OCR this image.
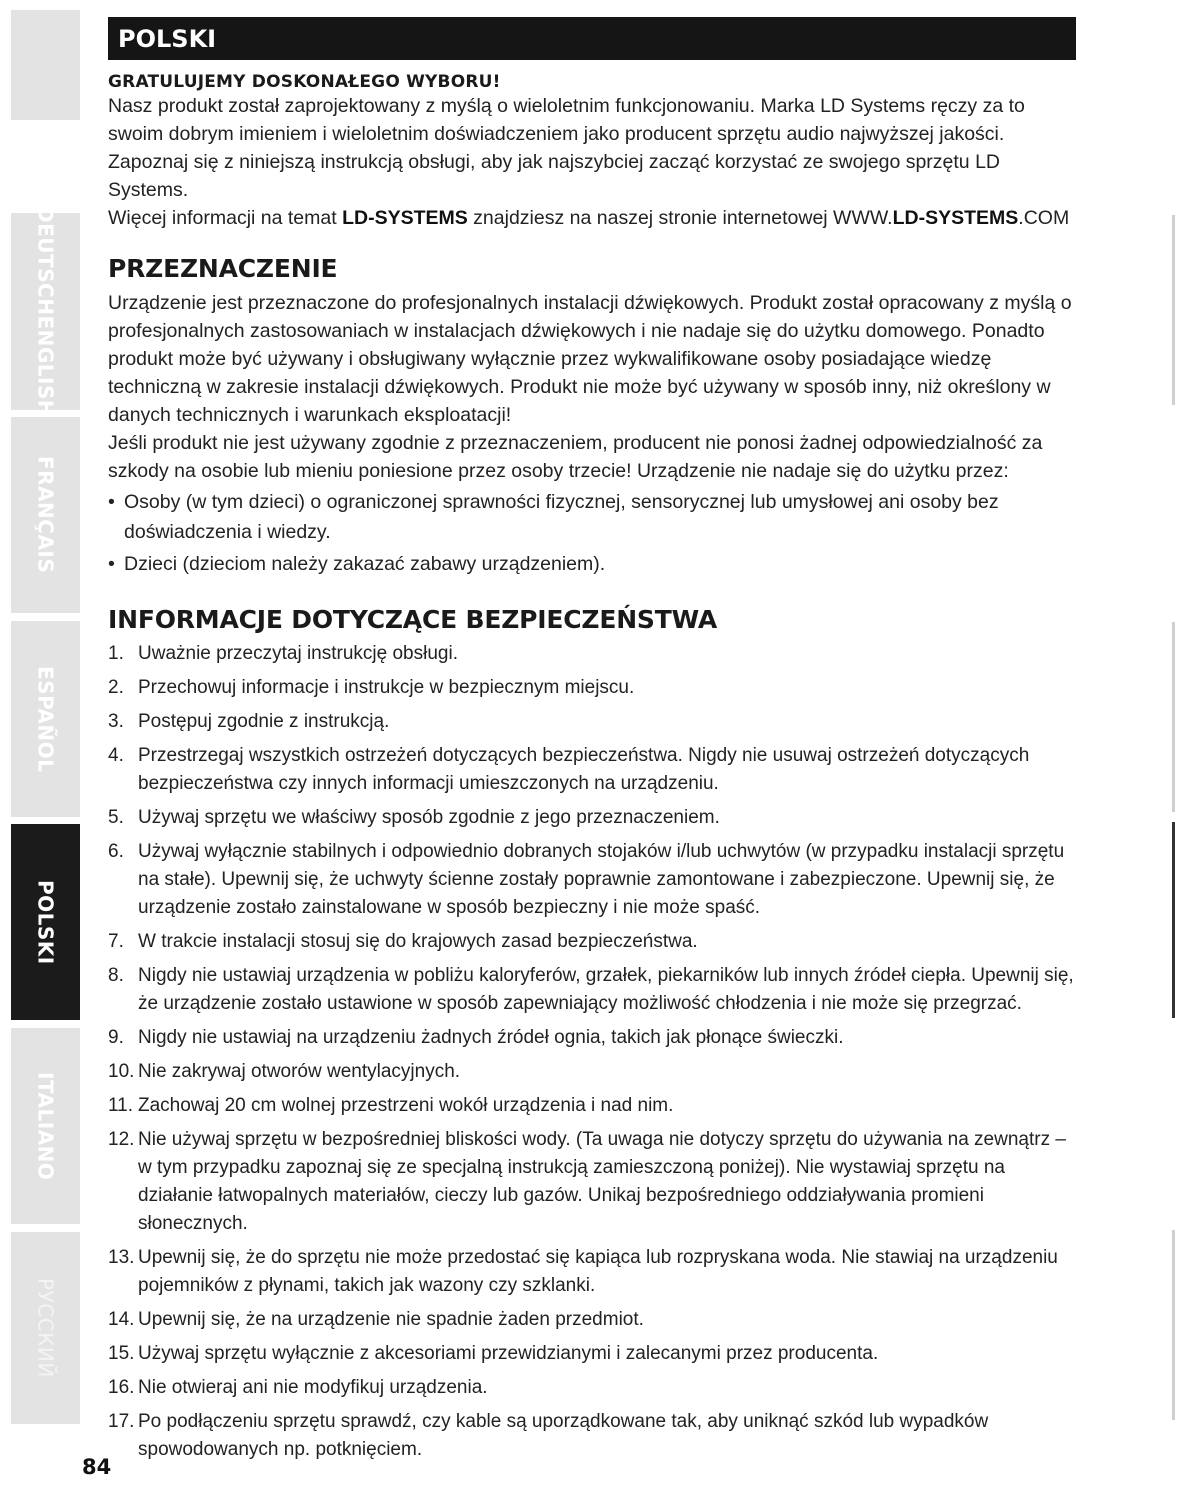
DEUTSCHENGLISH
FRANÇAIS
ESPAÑOL
POLSKI
ITALIANO
РУССКИЙ
POLSKI
GRATULUJEMY DOSKONAŁEGO WYBORU!
Nasz produkt został zaprojektowany z myślą o wieloletnim funkcjonowaniu. Marka LD Systems ręczy za to swoim dobrym imieniem i wieloletnim doświadczeniem jako producent sprzętu audio najwyższej jakości. Zapoznaj się z niniejszą instrukcją obsługi, aby jak najszybciej zacząć korzystać ze swojego sprzętu LD Systems.
Więcej informacji na temat LD-SYSTEMS znajdziesz na naszej stronie internetowej WWW.LD-SYSTEMS.COM
PRZEZNACZENIE
Urządzenie jest przeznaczone do profesjonalnych instalacji dźwiękowych. Produkt został opracowany z myślą o profesjonalnych zastosowaniach w instalacjach dźwiękowych i nie nadaje się do użytku domowego. Ponadto produkt może być używany i obsługiwany wyłącznie przez wykwalifikowane osoby posiadające wiedzę techniczną w zakresie instalacji dźwiękowych. Produkt nie może być używany w sposób inny, niż określony w danych technicznych i warunkach eksploatacji!
Jeśli produkt nie jest używany zgodnie z przeznaczeniem, producent nie ponosi żadnej odpowiedzialność za szkody na osobie lub mieniu poniesione przez osoby trzecie! Urządzenie nie nadaje się do użytku przez:
• Osoby (w tym dzieci) o ograniczonej sprawności fizycznej, sensorycznej lub umysłowej ani osoby bez doświadczenia i wiedzy.
• Dzieci (dzieciom należy zakazać zabawy urządzeniem).
INFORMACJE DOTYCZĄCE BEZPIECZEŃSTWA
1. Uważnie przeczytaj instrukcję obsługi.
2. Przechowuj informacje i instrukcje w bezpiecznym miejscu.
3. Postępuj zgodnie z instrukcją.
4. Przestrzegaj wszystkich ostrzeżeń dotyczących bezpieczeństwa. Nigdy nie usuwaj ostrzeżeń dotyczących bezpieczeństwa czy innych informacji umieszczonych na urządzeniu.
5. Używaj sprzętu we właściwy sposób zgodnie z jego przeznaczeniem.
6. Używaj wyłącznie stabilnych i odpowiednio dobranych stojaków i/lub uchwytów (w przypadku instalacji sprzętu na stałe). Upewnij się, że uchwyty ścienne zostały poprawnie zamontowane i zabezpieczone. Upewnij się, że urządzenie zostało zainstalowane w sposób bezpieczny i nie może spaść.
7. W trakcie instalacji stosuj się do krajowych zasad bezpieczeństwa.
8. Nigdy nie ustawiaj urządzenia w pobliżu kaloryferów, grzałek, piekarników lub innych źródeł ciepła. Upewnij się, że urządzenie zostało ustawione w sposób zapewniający możliwość chłodzenia i nie może się przegrzać.
9. Nigdy nie ustawiaj na urządzeniu żadnych źródeł ognia, takich jak płonące świeczki.
10. Nie zakrywaj otworów wentylacyjnych.
11. Zachowaj 20 cm wolnej przestrzeni wokół urządzenia i nad nim.
12. Nie używaj sprzętu w bezpośredniej bliskości wody. (Ta uwaga nie dotyczy sprzętu do używania na zewnątrz – w tym przypadku zapoznaj się ze specjalną instrukcją zamieszczoną poniżej). Nie wystawiaj sprzętu na działanie łatwopalnych materiałów, cieczy lub gazów. Unikaj bezpośredniego oddziaływania promieni słonecznych.
13. Upewnij się, że do sprzętu nie może przedostać się kapiąca lub rozpryskana woda. Nie stawiaj na urządzeniu pojemników z płynami, takich jak wazony czy szklanki.
14. Upewnij się, że na urządzenie nie spadnie żaden przedmiot.
15. Używaj sprzętu wyłącznie z akcesoriami przewidzianymi i zalecanymi przez producenta.
16. Nie otwieraj ani nie modyfikuj urządzenia.
17. Po podłączeniu sprzętu sprawdź, czy kable są uporządkowane tak, aby uniknąć szkód lub wypadków spowodowanych np. potknięciem.
84
